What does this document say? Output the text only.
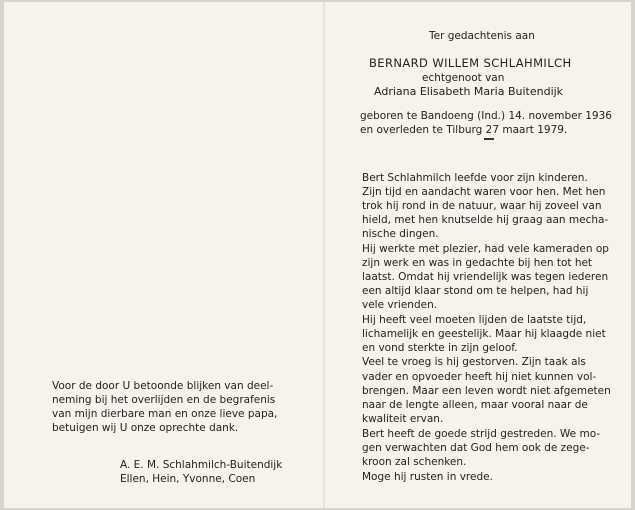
Voor de door U betoonde blijken van deel-
neming bij het overlijden en de begrafenis
van mijn dierbare man en onze lieve papa,
betuigen wij U onze oprechte dank.
A. E. M. Schlahmilch-Buitendijk
Ellen, Hein, Yvonne, Coen
Ter gedachtenis aan
BERNARD WILLEM SCHLAHMILCH
echtgenoot van
Adriana Elisabeth Maria Buitendijk
geboren te Bandoeng (Ind.) 14. november 1936
en overleden te Tilburg 27 maart 1979.
Bert Schlahmilch leefde voor zijn kinderen.
Zijn tijd en aandacht waren voor hen. Met hen
trok hij rond in de natuur, waar hij zoveel van
hield, met hen knutselde hij graag aan mecha-
nische dingen.
Hij werkte met plezier, had vele kameraden op
zijn werk en was in gedachte bij hen tot het
laatst. Omdat hij vriendelijk was tegen iederen
een altijd klaar stond om te helpen, had hij
vele vrienden.
Hij heeft veel moeten lijden de laatste tijd,
lichamelijk en geestelijk. Maar hij klaagde niet
en vond sterkte in zijn geloof.
Veel te vroeg is hij gestorven. Zijn taak als
vader en opvoeder heeft hij niet kunnen vol-
brengen. Maar een leven wordt niet afgemeten
naar de lengte alleen, maar vooral naar de
kwaliteit ervan.
Bert heeft de goede strijd gestreden. We mo-
gen verwachten dat God hem ook de zege-
kroon zal schenken.
Moge hij rusten in vrede.
